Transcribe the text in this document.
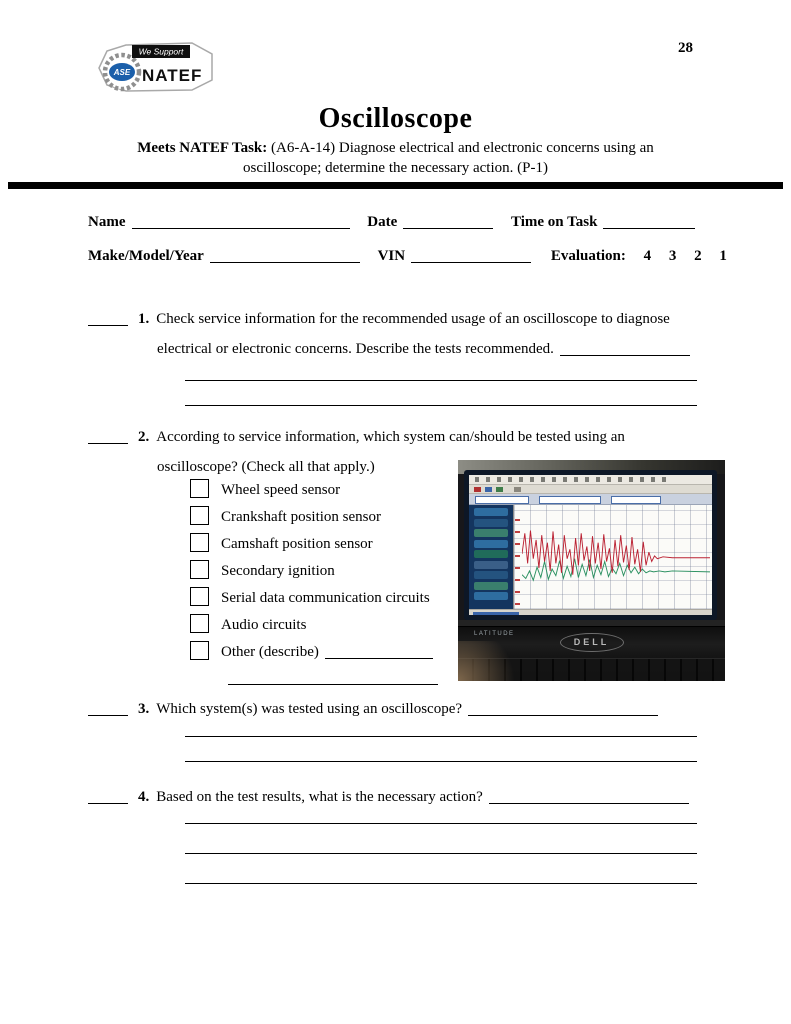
28
ASE
We Support
NATEF
Oscilloscope
Meets NATEF Task: (A6-A-14) Diagnose electrical and electronic concerns using an
oscilloscope; determine the necessary action. (P-1)
Name	Date	Time on Task
Make/Model/Year	VIN	Evaluation: 4 3 2 1
1. Check service information for the recommended usage of an oscilloscope to diagnose
electrical or electronic concerns. Describe the tests recommended.
2. According to service information, which system can/should be tested using an
oscilloscope? (Check all that apply.)
Wheel speed sensor
Crankshaft position sensor
Camshaft position sensor
Secondary ignition
Serial data communication circuits
Audio circuits
Other (describe)
LATITUDE
DELL
3. Which system(s) was tested using an oscilloscope?
4. Based on the test results, what is the necessary action?
